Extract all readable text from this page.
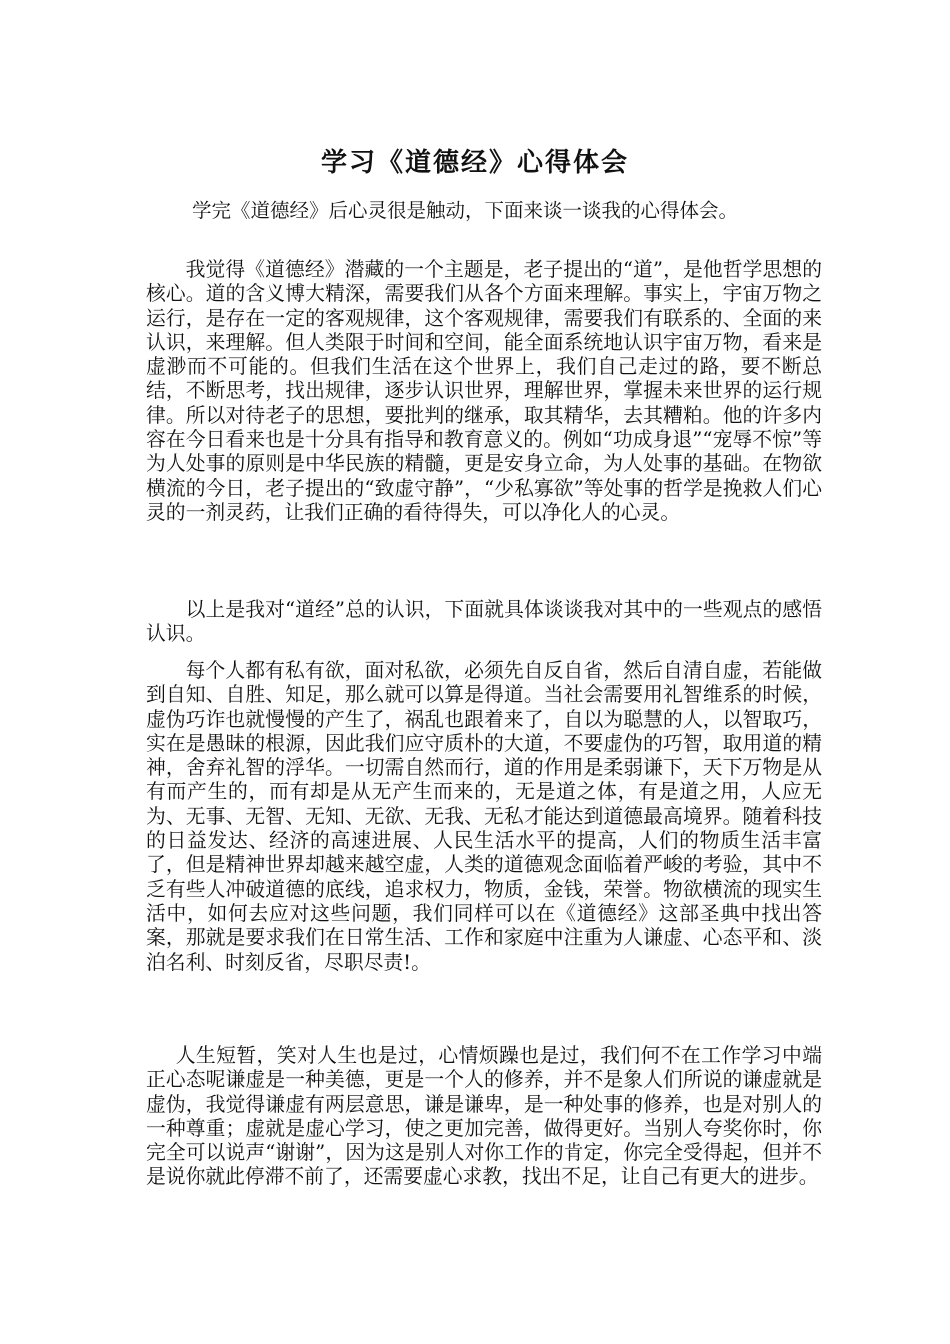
学习《道德经》心得体会
学完《道德经》后心灵很是触动，下面来谈一谈我的心得体会。
我觉得《道德经》潜藏的一个主题是，老子提出的“道”，是他哲学思想的核心。道的含义博大精深，需要我们从各个方面来理解。事实上，宇宙万物之运行，是存在一定的客观规律，这个客观规律，需要我们有联系的、全面的来认识，来理解。但人类限于时间和空间，能全面系统地认识宇宙万物，看来是虚渺而不可能的。但我们生活在这个世界上，我们自己走过的路，要不断总结，不断思考，找出规律，逐步认识世界，理解世界，掌握未来世界的运行规律。所以对待老子的思想，要批判的继承，取其精华，去其糟粕。他的许多内容在今日看来也是十分具有指导和教育意义的。例如“功成身退”“宠辱不惊”等为人处事的原则是中华民族的精髓，更是安身立命，为人处事的基础。在物欲横流的今日，老子提出的“致虚守静”，“少私寡欲”等处事的哲学是挽救人们心灵的一剂灵药，让我们正确的看待得失，可以净化人的心灵。
以上是我对“道经”总的认识，下面就具体谈谈我对其中的一些观点的感悟认识。
每个人都有私有欲，面对私欲，必须先自反自省，然后自清自虚，若能做到自知、自胜、知足，那么就可以算是得道。当社会需要用礼智维系的时候，虚伪巧诈也就慢慢的产生了，祸乱也跟着来了，自以为聪慧的人，以智取巧，实在是愚昧的根源，因此我们应守质朴的大道，不要虚伪的巧智，取用道的精神，舍弃礼智的浮华。一切需自然而行，道的作用是柔弱谦下，天下万物是从有而产生的，而有却是从无产生而来的，无是道之体，有是道之用，人应无为、无事、无智、无知、无欲、无我、无私才能达到道德最高境界。随着科技的日益发达、经济的高速进展、人民生活水平的提高，人们的物质生活丰富了，但是精神世界却越来越空虚，人类的道德观念面临着严峻的考验，其中不乏有些人冲破道德的底线，追求权力，物质，金钱，荣誉。物欲横流的现实生活中，如何去应对这些问题，我们同样可以在《道德经》这部圣典中找出答案，那就是要求我们在日常生活、工作和家庭中注重为人谦虚、心态平和、淡泊名利、时刻反省，尽职尽责!。
人生短暂，笑对人生也是过，心情烦躁也是过，我们何不在工作学习中端正心态呢谦虚是一种美德，更是一个人的修养，并不是象人们所说的谦虚就是虚伪，我觉得谦虚有两层意思，谦是谦卑，是一种处事的修养，也是对别人的一种尊重；虚就是虚心学习，使之更加完善，做得更好。当别人夸奖你时，你完全可以说声“谢谢”，因为这是别人对你工作的肯定，你完全受得起，但并不是说你就此停滞不前了，还需要虚心求教，找出不足，让自己有更大的进步。
